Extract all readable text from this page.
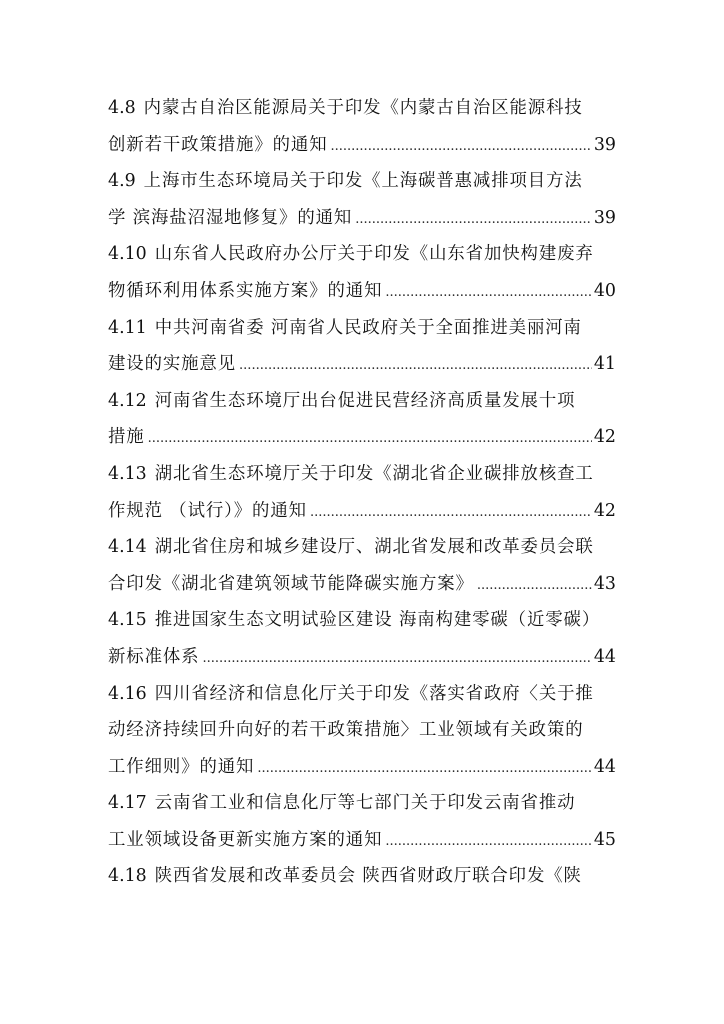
4.8 内蒙古自治区能源局关于印发《内蒙古自治区能源科技
创新若干政策措施》的通知 .....	39
4.9 上海市生态环境局关于印发《上海碳普惠减排项目方法
学 滨海盐沼湿地修复》的通知 .....	39
4.10 山东省人民政府办公厅关于印发《山东省加快构建废弃
物循环利用体系实施方案》的通知 .....	40
4.11 中共河南省委 河南省人民政府关于全面推进美丽河南
建设的实施意见 .....	41
4.12 河南省生态环境厅出台促进民营经济高质量发展十项
措施 .....	42
4.13 湖北省生态环境厅关于印发《湖北省企业碳排放核查工
作规范 （试行）》的通知 .....	42
4.14 湖北省住房和城乡建设厅、湖北省发展和改革委员会联
合印发《湖北省建筑领域节能降碳实施方案》 .....	43
4.15 推进国家生态文明试验区建设 海南构建零碳（近零碳）
新标准体系 .....	44
4.16 四川省经济和信息化厅关于印发《落实省政府〈关于推
动经济持续回升向好的若干政策措施〉工业领域有关政策的
工作细则》的通知 .....	44
4.17 云南省工业和信息化厅等七部门关于印发云南省推动
工业领域设备更新实施方案的通知 .....	45
4.18 陕西省发展和改革委员会 陕西省财政厅联合印发《陕
